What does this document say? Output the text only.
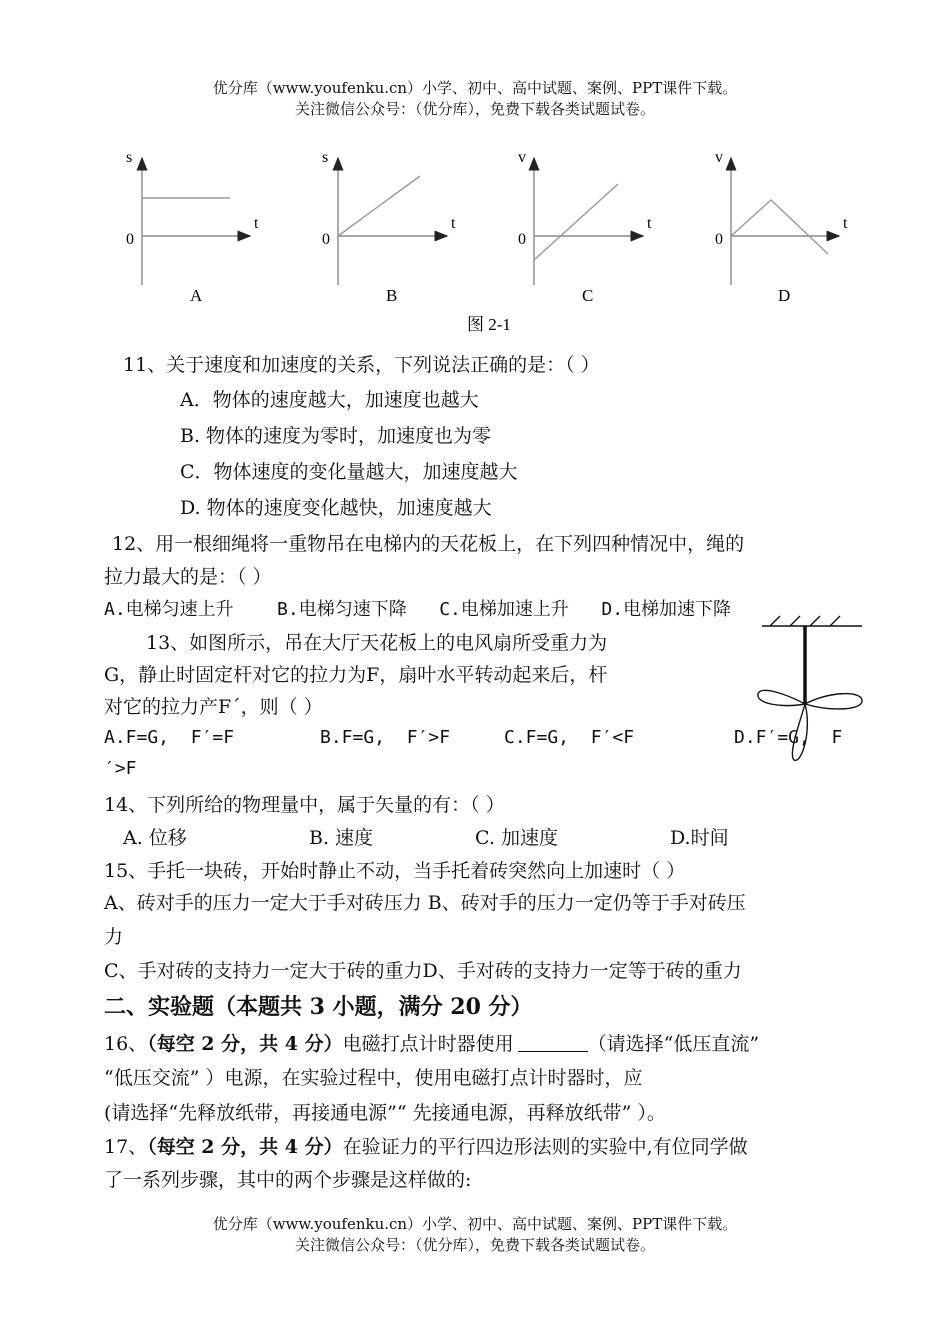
优分库（www.youfenku.cn）小学、初中、高中试题、案例、PPT课件下载。
关注微信公众号：（优分库），免费下载各类试题试卷。
s
0
t
s
0
t
v
0
t
v
0
t
A	B	C	D
图 2-1
11、关于速度和加速度的关系，下列说法正确的是：（ ）
A．物体的速度越大，加速度也越大
B. 物体的速度为零时，加速度也为零
C．物体速度的变化量越大，加速度越大
D. 物体的速度变化越快，加速度越大
12、用一根细绳将一重物吊在电梯内的天花板上，在下列四种情况中，绳的
拉力最大的是：（ ）
A.电梯匀速上升    B.电梯匀速下降   C.电梯加速上升   D.电梯加速下降
13、如图所示，吊在大厅天花板上的电风扇所受重力为
G，静止时固定杆对它的拉力为F，扇叶水平转动起来后，杆
对它的拉力产F´，则（ ）
A.F=G,  F′=F	B.F=G,  F′>F	C.F=G,  F′<F	D.F′=G,  F
′>F
14、下列所给的物理量中，属于矢量的有：（ ）
A. 位移	B. 速度	C. 加速度	D.时间
15、手托一块砖，开始时静止不动，当手托着砖突然向上加速时（ ）
A、砖对手的压力一定大于手对砖压力 B、砖对手的压力一定仍等于手对砖压
力
C、手对砖的支持力一定大于砖的重力D、手对砖的支持力一定等于砖的重力
二、实验题（本题共 3 小题，满分 20 分）
16、（每空 2 分，共 4 分）电磁打点计时器使用	（请选择“低压直流”
“低压交流” ）电源，在实验过程中，使用电磁打点计时器时，应
(请选择“先释放纸带，再接通电源”“ 先接通电源，再释放纸带” ）。
17、（每空 2 分，共 4 分）在验证力的平行四边形法则的实验中,有位同学做
了一系列步骤，其中的两个步骤是这样做的:
优分库（www.youfenku.cn）小学、初中、高中试题、案例、PPT课件下载。
关注微信公众号：（优分库），免费下载各类试题试卷。
